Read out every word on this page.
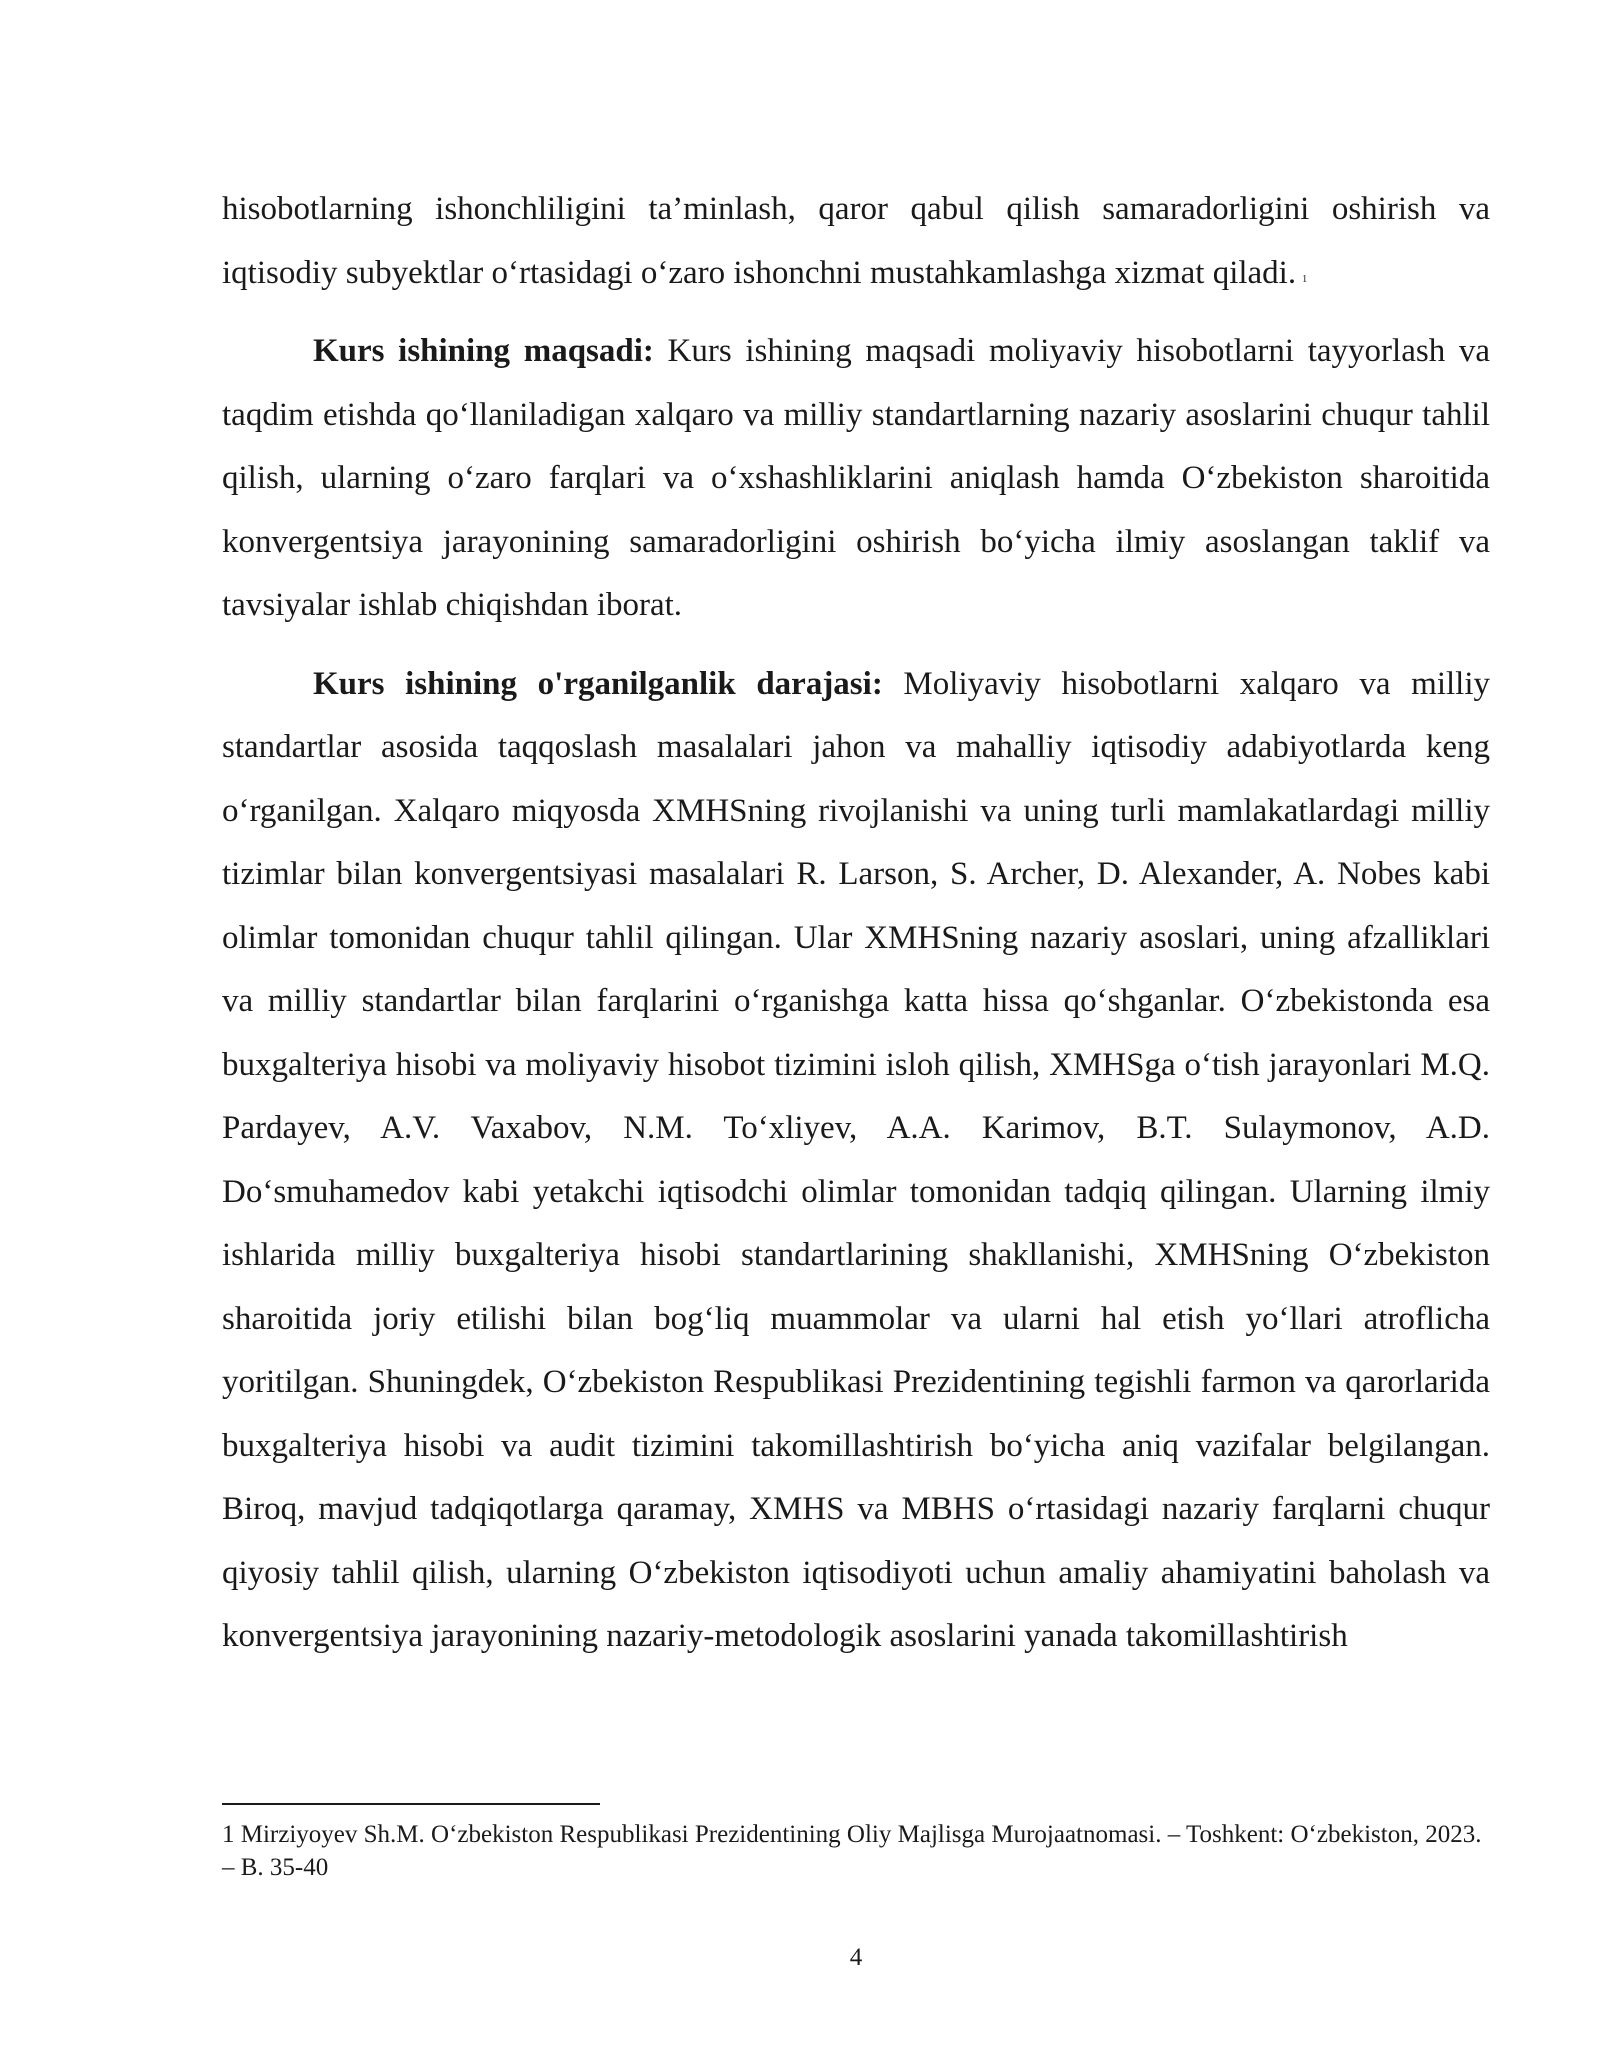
hisobotlarning ishonchliligini ta’minlash, qaror qabul qilish samaradorligini oshirish va iqtisodiy subyektlar o‘rtasidagi o‘zaro ishonchni mustahkamlashga xizmat qiladi. $^1$

Kurs ishining maqsadi: Kurs ishining maqsadi moliyaviy hisobotlarni tayyorlash va taqdim etishda qo‘llaniladigan xalqaro va milliy standartlarning nazariy asoslarini chuqur tahlil qilish, ularning o‘zaro farqlari va o‘xshashliklarini aniqlash hamda O‘zbekiston sharoitida konvergentsiya jarayonining samaradorligini oshirish bo‘yicha ilmiy asoslangan taklif va tavsiyalar ishlab chiqishdan iborat.

Kurs ishining o'rganilganlik darajasi: Moliyaviy hisobotlarni xalqaro va milliy standartlar asosida taqqoslash masalalari jahon va mahalliy iqtisodiy adabiyotlarda keng o‘rganilgan. Xalqaro miqyosda XMHSning rivojlanishi va uning turli mamlakatlardagi milliy tizimlar bilan konvergentsiyasi masalalari R. Larson, S. Archer, D. Alexander, A. Nobes kabi olimlar tomonidan chuqur tahlil qilingan. Ular XMHSning nazariy asoslari, uning afzalliklari va milliy standartlar bilan farqlarini o‘rganishga katta hissa qo‘shganlar. O‘zbekistonda esa buxgalteriya hisobi va moliyaviy hisobot tizimini isloh qilish, XMHSga o‘tish jarayonlari M.Q. Pardayev, A.V. Vaxabov, N.M. To‘xliyev, A.A. Karimov, B.T. Sulaymonov, A.D. Do‘smuhamedov kabi yetakchi iqtisodchi olimlar tomonidan tadqiq qilingan. Ularning ilmiy ishlarida milliy buxgalteriya hisobi standartlarining shakllanishi, XMHSning O‘zbekiston sharoitida joriy etilishi bilan bog‘liq muammolar va ularni hal etish yo‘llari atroflicha yoritilgan. Shuningdek, O‘zbekiston Respublikasi Prezidentining tegishli farmon va qarorlarida buxgalteriya hisobi va audit tizimini takomillashtirish bo‘yicha aniq vazifalar belgilangan. Biroq, mavjud tadqiqotlarga qaramay, XMHS va MBHS o‘rtasidagi nazariy farqlarni chuqur qiyosiy tahlil qilish, ularning O‘zbekiston iqtisodiyoti uchun amaliy ahamiyatini baholash va konvergentsiya jarayonining nazariy-metodologik asoslarini yanada takomillashtirish

1 Mirziyoyev Sh.M. O‘zbekiston Respublikasi Prezidentining Oliy Majlisga Murojaatnomasi. – Toshkent: O‘zbekiston, 2023. – B. 35-40
4
